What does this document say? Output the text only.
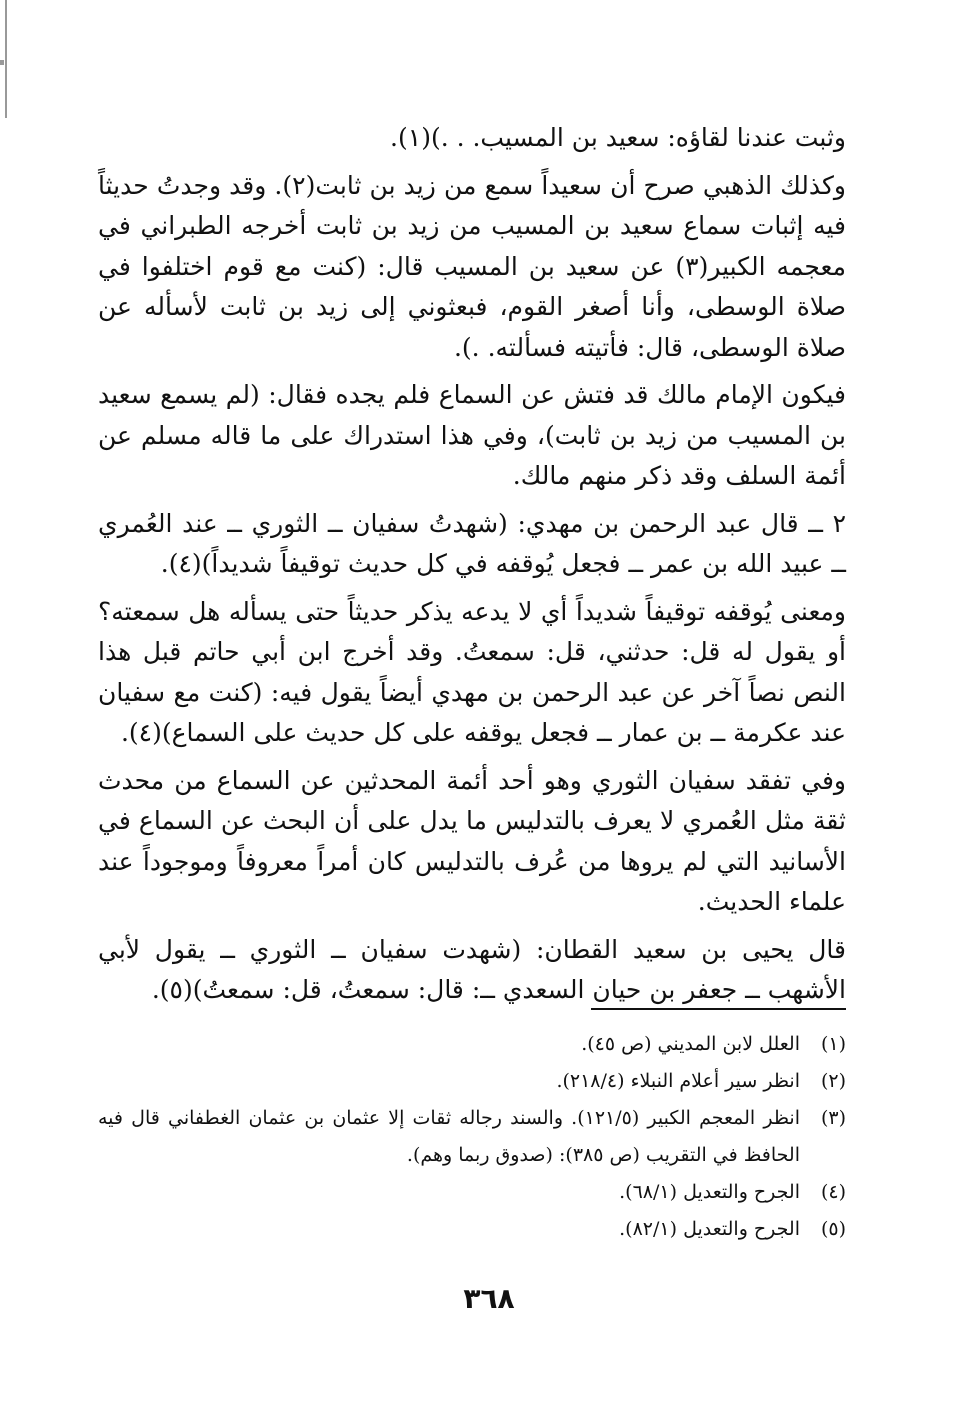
وثبت عندنا لقاؤه: سعيد بن المسيب. . .)(١).

وكذلك الذهبي صرح أن سعيداً سمع من زيد بن ثابت(٢). وقد وجدتُ حديثاً فيه إثبات سماع سعيد بن المسيب من زيد بن ثابت أخرجه الطبراني في معجمه الكبير(٣) عن سعيد بن المسيب قال: (كنت مع قوم اختلفوا في صلاة الوسطى، وأنا أصغر القوم، فبعثوني إلى زيد بن ثابت لأسأله عن صلاة الوسطى، قال: فأتيته فسألته. .).

فيكون الإمام مالك قد فتش عن السماع فلم يجده فقال: (لم يسمع سعيد بن المسيب من زيد بن ثابت)، وفي هذا استدراك على ما قاله مسلم عن أئمة السلف وقد ذكر منهم مالك.

٢ ــ قال عبد الرحمن بن مهدي: (شهدتُ سفيان ــ الثوري ــ عند العُمري ــ عبيد الله بن عمر ــ فجعل يُوقفه في كل حديث توقيفاً شديداً)(٤).

ومعنى يُوقفه توقيفاً شديداً أي لا يدعه يذكر حديثاً حتى يسأله هل سمعته؟ أو يقول له قل: حدثني، قل: سمعتُ. وقد أخرج ابن أبي حاتم قبل هذا النص نصاً آخر عن عبد الرحمن بن مهدي أيضاً يقول فيه: (كنت مع سفيان عند عكرمة ــ بن عمار ــ فجعل يوقفه على كل حديث على السماع)(٤).

وفي تفقد سفيان الثوري وهو أحد أئمة المحدثين عن السماع من محدث ثقة مثل العُمري لا يعرف بالتدليس ما يدل على أن البحث عن السماع في الأسانيد التي لم يروها من عُرف بالتدليس كان أمراً معروفاً وموجوداً عند علماء الحديث.

قال يحيى بن سعيد القطان: (شهدت سفيان ــ الثوري ــ يقول لأبي الأشهب ــ جعفر بن حيان السعدي ــ: قال: سمعتُ، قل: سمعتُ)(٥).

(١)
العلل لابن المديني (ص ٤٥).
(٢)
انظر سير أعلام النبلاء (٢١٨/٤).
(٣)
انظر المعجم الكبير (١٢١/٥). والسند رجاله ثقات إلا عثمان بن عثمان الغطفاني قال فيه الحافظ في التقريب (ص ٣٨٥): (صدوق ربما وهم).
(٤)
الجرح والتعديل (٦٨/١).
(٥)
الجرح والتعديل (٨٢/١).
٣٦٨
